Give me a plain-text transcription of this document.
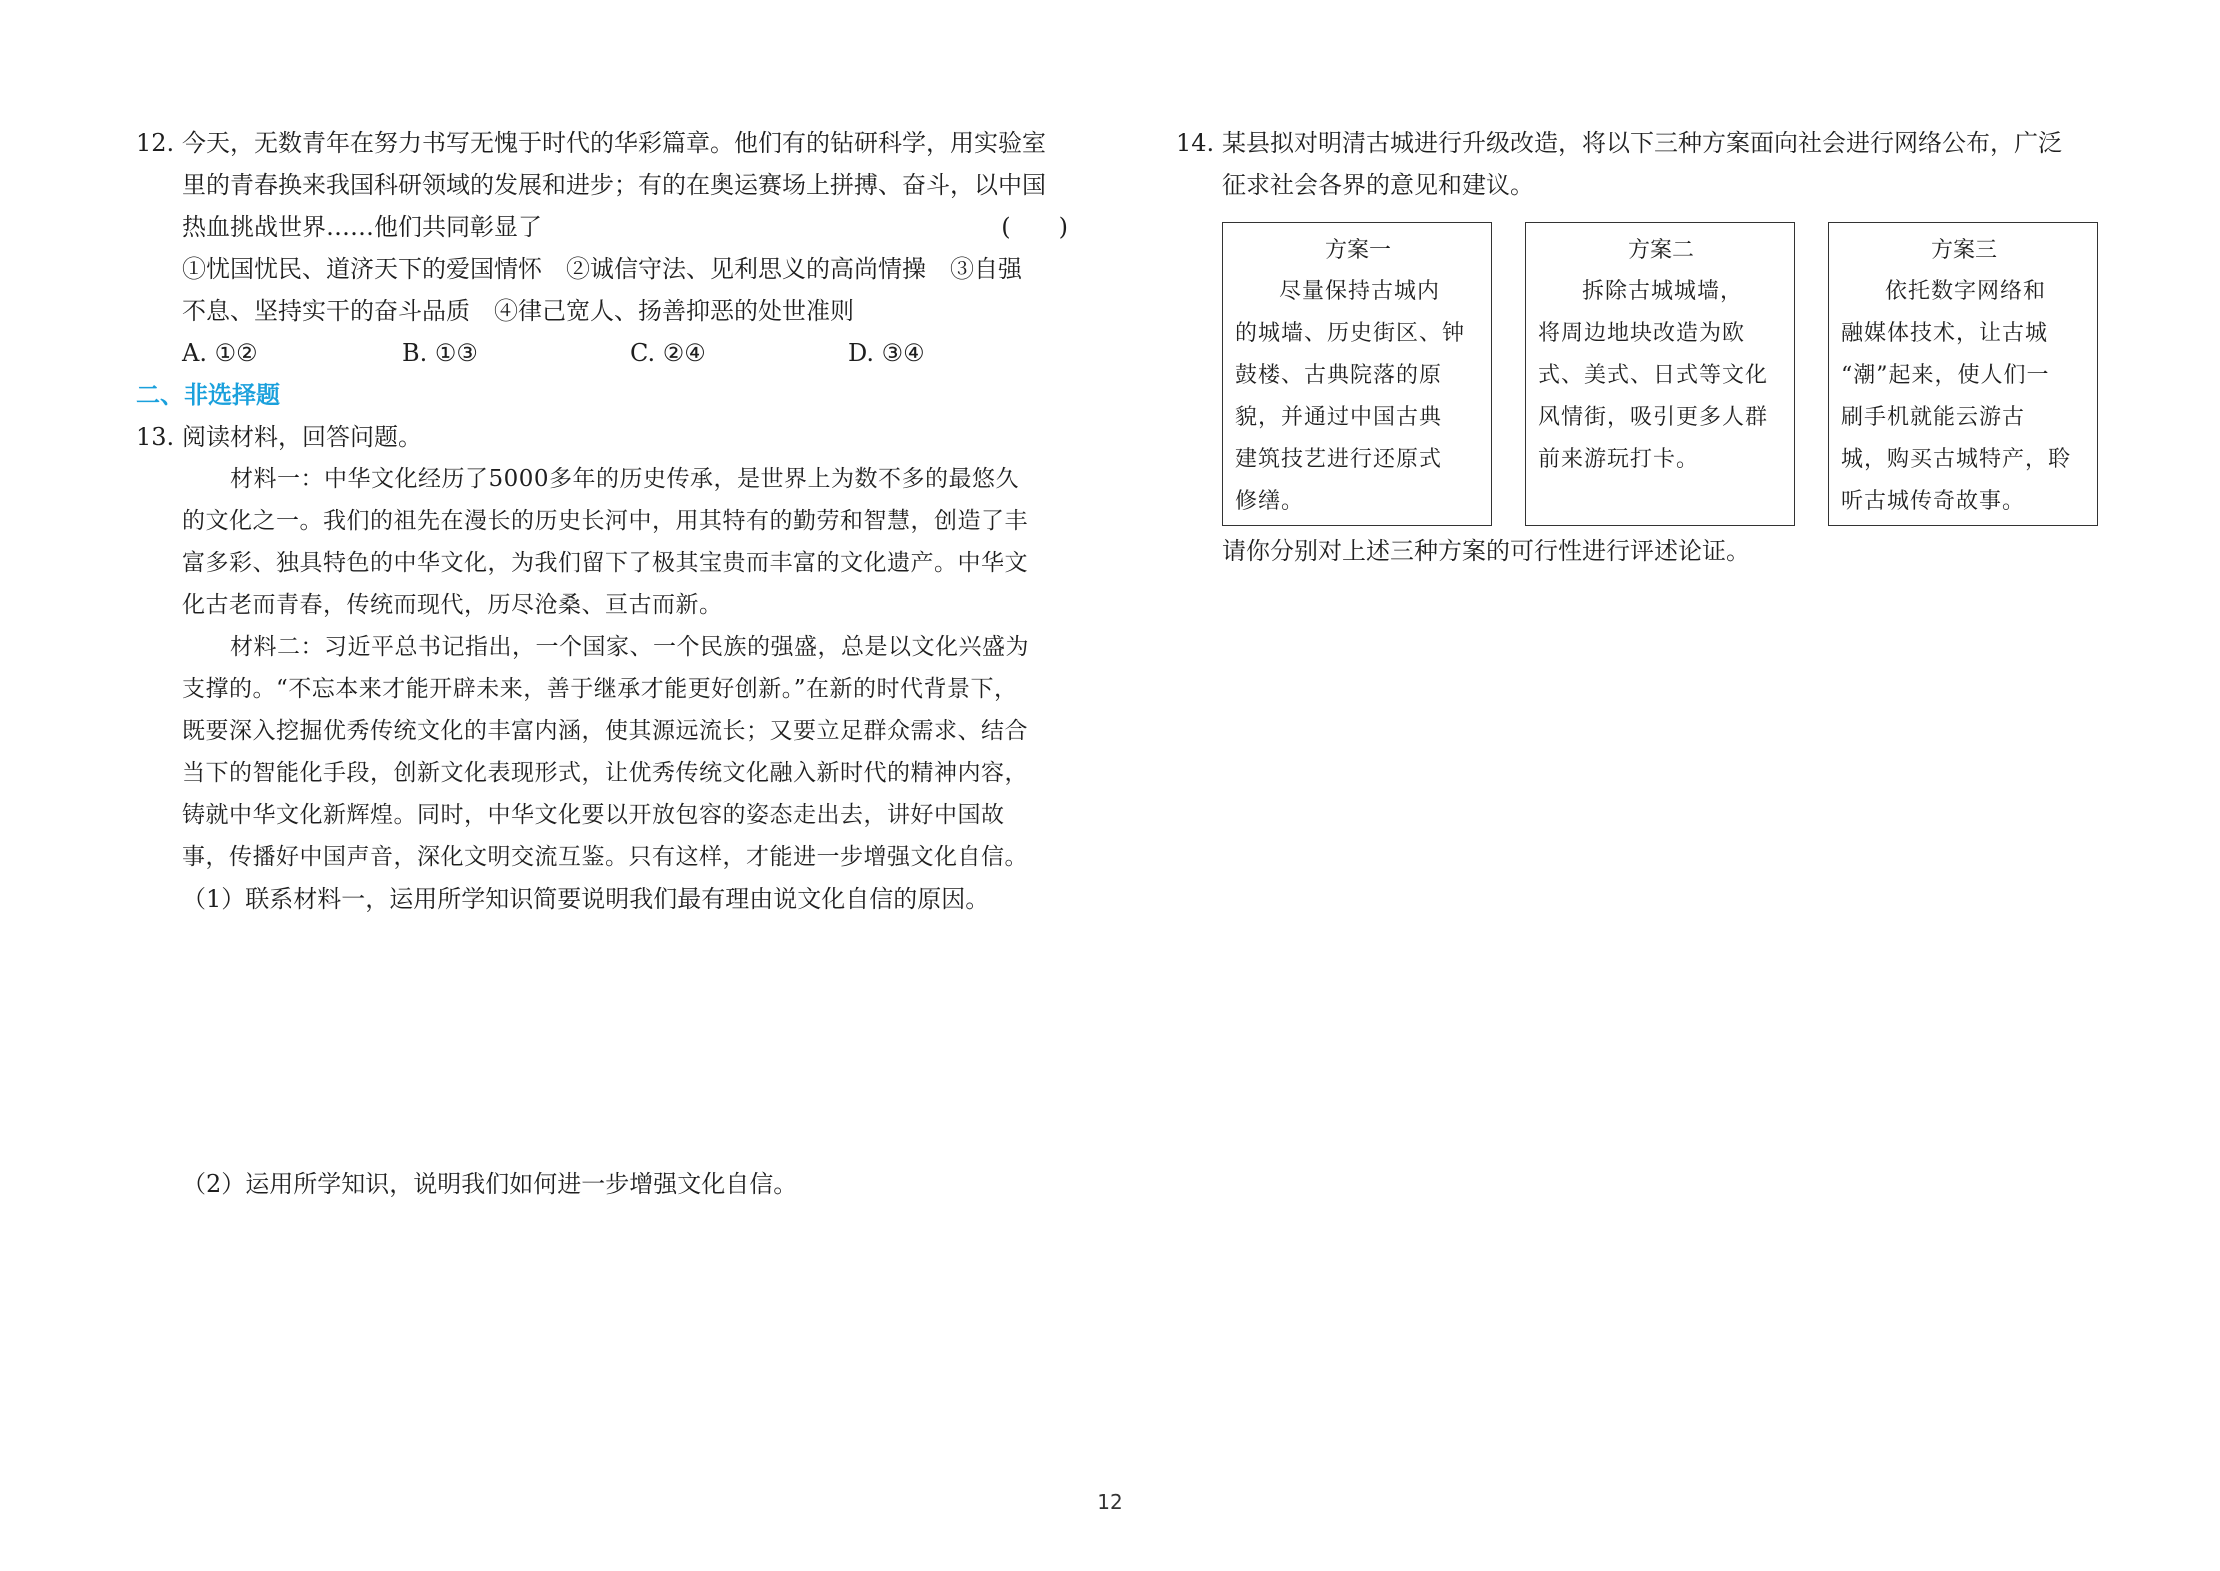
12. 今天，无数青年在努力书写无愧于时代的华彩篇章。他们有的钻研科学，用实验室
里的青春换来我国科研领域的发展和进步；有的在奥运赛场上拼搏、奋斗，以中国
热血挑战世界……他们共同彰显了	(　　)
①忧国忧民、道济天下的爱国情怀　②诚信守法、见利思义的高尚情操　③自强
不息、坚持实干的奋斗品质　④律己宽人、扬善抑恶的处世准则
A. ①②	B. ①③	C. ②④	D. ③④
二、非选择题
13. 阅读材料，回答问题。
材料一：中华文化经历了5000多年的历史传承，是世界上为数不多的最悠久
的文化之一。我们的祖先在漫长的历史长河中，用其特有的勤劳和智慧，创造了丰
富多彩、独具特色的中华文化，为我们留下了极其宝贵而丰富的文化遗产。中华文
化古老而青春，传统而现代，历尽沧桑、亘古而新。
材料二：习近平总书记指出，一个国家、一个民族的强盛，总是以文化兴盛为
支撑的。“不忘本来才能开辟未来，善于继承才能更好创新。”在新的时代背景下，
既要深入挖掘优秀传统文化的丰富内涵，使其源远流长；又要立足群众需求、结合
当下的智能化手段，创新文化表现形式，让优秀传统文化融入新时代的精神内容，
铸就中华文化新辉煌。同时，中华文化要以开放包容的姿态走出去，讲好中国故
事，传播好中国声音，深化文明交流互鉴。只有这样，才能进一步增强文化自信。
（1）联系材料一，运用所学知识简要说明我们最有理由说文化自信的原因。
（2）运用所学知识，说明我们如何进一步增强文化自信。
14. 某县拟对明清古城进行升级改造，将以下三种方案面向社会进行网络公布，广泛
征求社会各界的意见和建议。
方案一
尽量保持古城内
的城墙、历史街区、钟
鼓楼、古典院落的原
貌，并通过中国古典
建筑技艺进行还原式
修缮。
方案二
拆除古城城墙，
将周边地块改造为欧
式、美式、日式等文化
风情街，吸引更多人群
前来游玩打卡。
方案三
依托数字网络和
融媒体技术，让古城
“潮”起来，使人们一
刷手机就能云游古
城，购买古城特产，聆
听古城传奇故事。
请你分别对上述三种方案的可行性进行评述论证。
12
